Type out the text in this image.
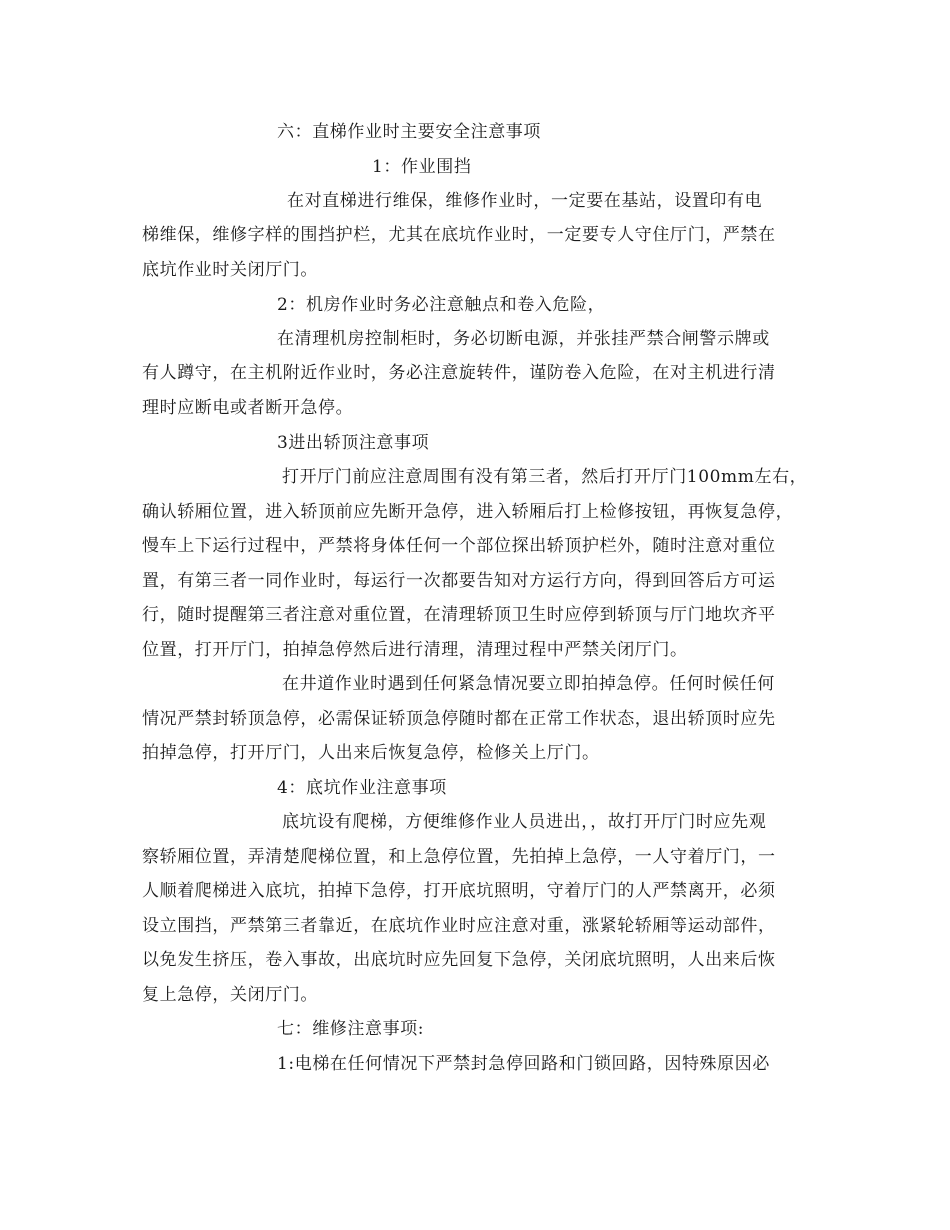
六：直梯作业时主要安全注意事项
1：作业围挡
在对直梯进行维保，维修作业时，一定要在基站，设置印有电
梯维保，维修字样的围挡护栏，尤其在底坑作业时，一定要专人守住厅门，严禁在
底坑作业时关闭厅门。
2：机房作业时务必注意触点和卷入危险，
在清理机房控制柜时，务必切断电源，并张挂严禁合闸警示牌或
有人蹲守，在主机附近作业时，务必注意旋转件，谨防卷入危险，在对主机进行清
理时应断电或者断开急停。
3进出轿顶注意事项
打开厅门前应注意周围有没有第三者，然后打开厅门100mm左右，
确认轿厢位置，进入轿顶前应先断开急停，进入轿厢后打上检修按钮，再恢复急停，
慢车上下运行过程中，严禁将身体任何一个部位探出轿顶护栏外，随时注意对重位
置，有第三者一同作业时，每运行一次都要告知对方运行方向，得到回答后方可运
行，随时提醒第三者注意对重位置，在清理轿顶卫生时应停到轿顶与厅门地坎齐平
位置，打开厅门，拍掉急停然后进行清理，清理过程中严禁关闭厅门。
在井道作业时遇到任何紧急情况要立即拍掉急停。任何时候任何
情况严禁封轿顶急停，必需保证轿顶急停随时都在正常工作状态，退出轿顶时应先
拍掉急停，打开厅门，人出来后恢复急停，检修关上厅门。
4：底坑作业注意事项
底坑设有爬梯，方便维修作业人员进出，，故打开厅门时应先观
察轿厢位置，弄清楚爬梯位置，和上急停位置，先拍掉上急停，一人守着厅门，一
人顺着爬梯进入底坑，拍掉下急停，打开底坑照明，守着厅门的人严禁离开，必须
设立围挡，严禁第三者靠近，在底坑作业时应注意对重，涨紧轮轿厢等运动部件，
以免发生挤压，卷入事故，出底坑时应先回复下急停，关闭底坑照明，人出来后恢
复上急停，关闭厅门。
七：维修注意事项:
1:电梯在任何情况下严禁封急停回路和门锁回路，因特殊原因必
